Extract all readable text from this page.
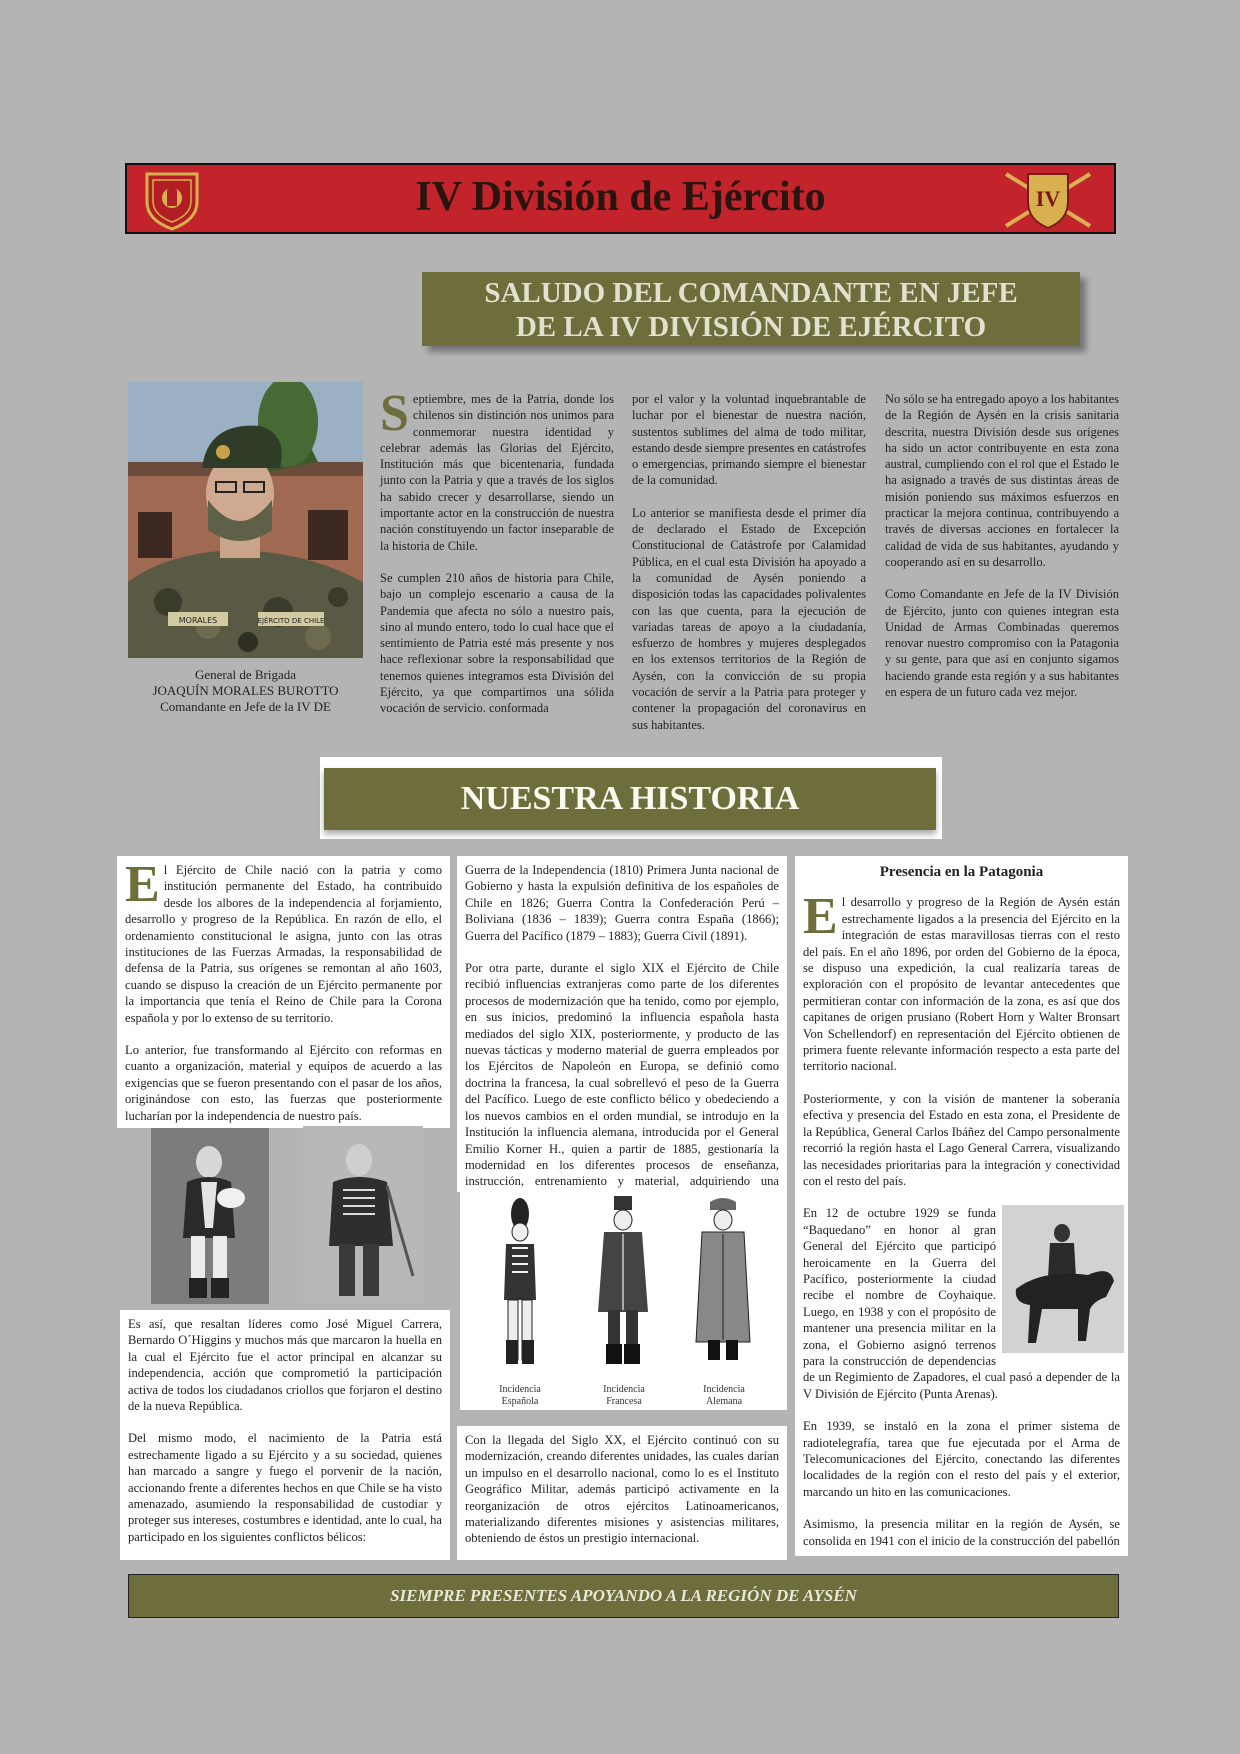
IV División de Ejército	IV
SALUDO DEL COMANDANTE EN JEFE
DE LA IV DIVISIÓN DE EJÉRCITO
MORALES	EJÉRCITO DE CHILE
General de Brigada
JOAQUÍN MORALES BUROTTO
Comandante en Jefe de la IV DE

Septiembre, mes de la Patria, donde los chilenos sin distinción nos unimos para conmemorar nuestra identidad y celebrar además las Glorias del Ejército, Institución más que bicentenaria, fundada junto con la Patria y que a través de los siglos ha sabido crecer y desarrollarse, siendo un importante actor en la construcción de nuestra nación constituyendo un factor inseparable de la historia de Chile.

Se cumplen 210 años de historia para Chile, bajo un complejo escenario a causa de la Pandemia que afecta no sólo a nuestro país, sino al mundo entero, todo lo cual hace que el sentimiento de Patria esté más presente y nos hace reflexionar sobre la responsabilidad que tenemos quienes integramos esta División del Ejército, ya que compartimos una sólida vocación de servicio. conformada

por el valor y la voluntad inquebrantable de luchar por el bienestar de nuestra nación, sustentos sublimes del alma de todo militar, estando desde siempre presentes en catástrofes o emergencias, primando siempre el bienestar de la comunidad.

Lo anterior se manifiesta desde el primer día de declarado el Estado de Excepción Constitucional de Catástrofe por Calamidad Pública, en el cual esta División ha apoyado a la comunidad de Aysén poniendo a disposición todas las capacidades polivalentes con las que cuenta, para la ejecución de variadas tareas de apoyo a la ciudadanía, esfuerzo de hombres y mujeres desplegados en los extensos territorios de la Región de Aysén, con la convicción de su propia vocación de servir a la Patria para proteger y contener la propagación del coronavirus en sus habitantes.

No sólo se ha entregado apoyo a los habitantes de la Región de Aysén en la crisis sanitaria descrita, nuestra División desde sus orígenes ha sido un actor contribuyente en esta zona austral, cumpliendo con el rol que el Estado le ha asignado a través de sus distintas áreas de misión poniendo sus máximos esfuerzos en practicar la mejora continua, contribuyendo a través de diversas acciones en fortalecer la calidad de vida de sus habitantes, ayudando y cooperando así en su desarrollo.

Como Comandante en Jefe de la IV División de Ejército, junto con quienes integran esta Unidad de Armas Combinadas queremos renovar nuestro compromiso con la Patagonia y su gente, para que así en conjunto sigamos haciendo grande esta región y a sus habitantes en espera de un futuro cada vez mejor.

NUESTRA HISTORIA

El Ejército de Chile nació con la patria y como institución permanente del Estado, ha contribuido desde los albores de la independencia al forjamiento, desarrollo y progreso de la República. En razón de ello, el ordenamiento constitucional le asigna, junto con las otras instituciones de las Fuerzas Armadas, la responsabilidad de defensa de la Patria, sus orígenes se remontan al año 1603, cuando se dispuso la creación de un Ejército permanente por la importancia que tenía el Reino de Chile para la Corona española y por lo extenso de su territorio.

Lo anterior, fue transformando al Ejército con reformas en cuanto a organización, material y equipos de acuerdo a las exigencias que se fueron presentando con el pasar de los años, originándose con esto, las fuerzas que posteriormente lucharían por la independencia de nuestro país.

Es así, que resaltan líderes como José Miguel Carrera, Bernardo O´Higgins y muchos más que marcaron la huella en la cual el Ejército fue el actor principal en alcanzar su independencia, acción que comprometió la participación activa de todos los ciudadanos criollos que forjaron el destino de la nueva República.

Del mismo modo, el nacimiento de la Patria está estrechamente ligado a su Ejército y a su sociedad, quienes han marcado a sangre y fuego el porvenir de la nación, accionando frente a diferentes hechos en que Chile se ha visto amenazado, asumiendo la responsabilidad de custodiar y proteger sus intereses, costumbres e identidad, ante lo cual, ha participado en los siguientes conflictos bélicos:

Guerra de la Independencia (1810) Primera Junta nacional de Gobierno y hasta la expulsión definitiva de los españoles de Chile en 1826; Guerra Contra la Confederación Perú – Boliviana (1836 – 1839); Guerra contra España (1866); Guerra del Pacífico (1879 – 1883); Guerra Civil (1891).

Por otra parte, durante el siglo XIX el Ejército de Chile recibió influencias extranjeras como parte de los diferentes procesos de modernización que ha tenido, como por ejemplo, en sus inicios, predominó la influencia española hasta mediados del siglo XIX, posteriormente, y producto de las nuevas tácticas y moderno material de guerra empleados por los Ejércitos de Napoleón en Europa, se definió como doctrina la francesa, la cual sobrellevó el peso de la Guerra del Pacífico. Luego de este conflicto bélico y obedeciendo a los nuevos cambios en el orden mundial, se introdujo en la Institución la influencia alemana, introducida por el General Emilio Korner H., quien a partir de 1885, gestionaría la modernidad en los diferentes procesos de enseñanza, instrucción, entrenamiento y material, adquiriendo una

Incidencia
Española
Incidencia
Francesa
Incidencia
Alemana

Con la llegada del Siglo XX, el Ejército continuó con su modernización, creando diferentes unidades, las cuales darían un impulso en el desarrollo nacional, como lo es el Instituto Geográfico Militar, además participó activamente en la reorganización de otros ejércitos Latinoamericanos, materializando diferentes misiones y asistencias militares, obteniendo de éstos un prestigio internacional.

Presencia en la Patagonia

El desarrollo y progreso de la Región de Aysén están estrechamente ligados a la presencia del Ejército en la integración de estas maravillosas tierras con el resto del país. En el año 1896, por orden del Gobierno de la época, se dispuso una expedición, la cual realizaría tareas de exploración con el propósito de levantar antecedentes que permitieran contar con información de la zona, es así que dos capitanes de origen prusiano (Robert Horn y Walter Bronsart Von Schellendorf) en representación del Ejército obtienen de primera fuente relevante información respecto a esta parte del territorio nacional.

Posteriormente, y con la visión de mantener la soberanía efectiva y presencia del Estado en esta zona, el Presidente de la República, General Carlos Ibáñez del Campo personalmente recorrió la región hasta el Lago General Carrera, visualizando las necesidades prioritarias para la integración y conectividad con el resto del país.

En 12 de octubre 1929 se funda “Baquedano” en honor al gran General del Ejército que participó heroicamente en la Guerra del Pacífico, posteriormente la ciudad recibe el nombre de Coyhaique. Luego, en 1938 y con el propósito de mantener una presencia militar en la zona, el Gobierno asignó terrenos para la construcción de dependencias de un Regimiento de Zapadores, el cual pasó a depender de la V División de Ejército (Punta Arenas).

En 1939, se instaló en la zona el primer sistema de radiotelegrafía, tarea que fue ejecutada por el Arma de Telecomunicaciones del Ejército, conectando las diferentes localidades de la región con el resto del país y el exterior, marcando un hito en las comunicaciones.

Asimismo, la presencia militar en la región de Aysén, se consolida en 1941 con el inicio de la construcción del pabellón

SIEMPRE PRESENTES APOYANDO A LA REGIÓN DE AYSÉN
